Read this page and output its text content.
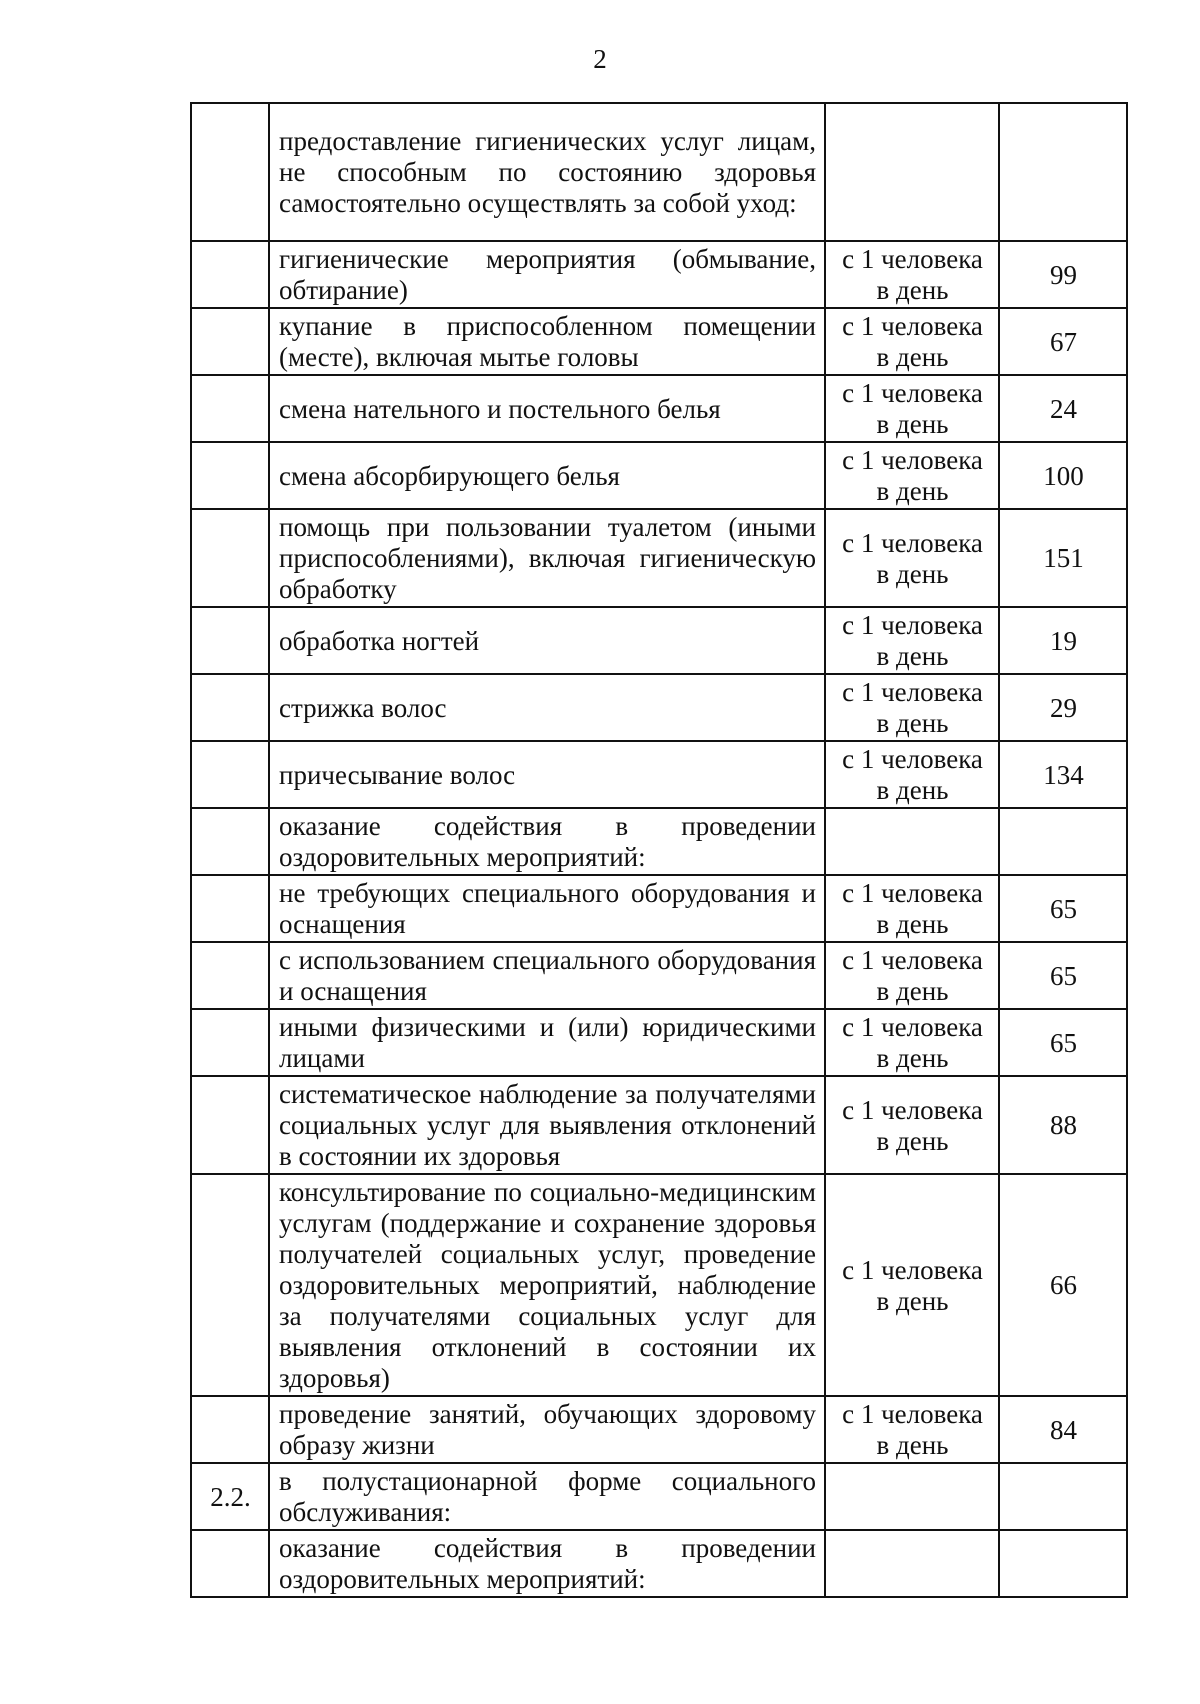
2
	предоставление гигиенических услуг лицам, не способным по состоянию здоровья самостоятельно осуществлять за собой уход:		
	гигиенические мероприятия (обмывание, обтирание)	с 1 человека в день	99
	купание в приспособленном помещении (месте), включая мытье головы	с 1 человека в день	67
	смена нательного и постельного белья	с 1 человека в день	24
	смена абсорбирующего белья	с 1 человека в день	100
	помощь при пользовании туалетом (иными приспособлениями), включая гигиеническую обработку	с 1 человека в день	151
	обработка ногтей	с 1 человека в день	19
	стрижка волос	с 1 человека в день	29
	причесывание волос	с 1 человека в день	134
	оказание содействия в проведении оздоровительных мероприятий:		
	не требующих специального оборудования и оснащения	с 1 человека в день	65
	с использованием специального оборудования и оснащения	с 1 человека в день	65
	иными физическими и (или) юридическими лицами	с 1 человека в день	65
	систематическое наблюдение за получателями социальных услуг для выявления отклонений в состоянии их здоровья	с 1 человека в день	88
	консультирование по социально-медицинским услугам (поддержание и сохранение здоровья получателей социальных услуг, проведение оздоровительных мероприятий, наблюдение за получателями социальных услуг для выявления отклонений в состоянии их здоровья)	с 1 человека в день	66
	проведение занятий, обучающих здоровому образу жизни	с 1 человека в день	84
2.2.	в полустационарной форме социального обслуживания:		
	оказание содействия в проведении оздоровительных мероприятий:		
